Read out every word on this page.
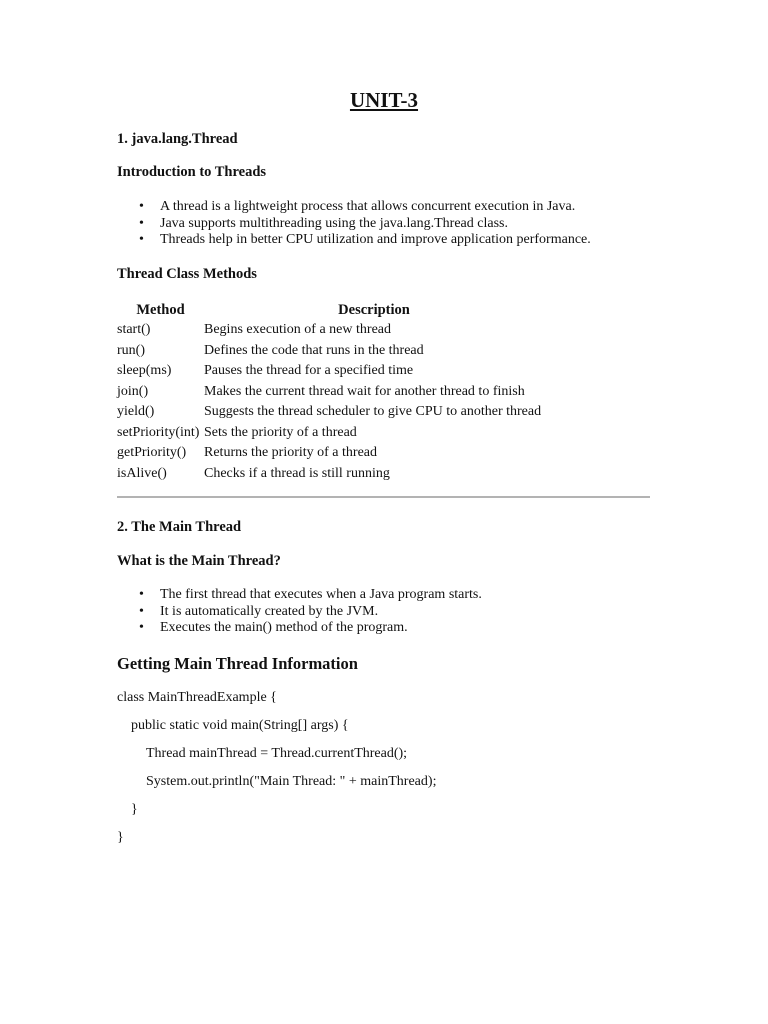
UNIT-3
1. java.lang.Thread
Introduction to Threads
• A thread is a lightweight process that allows concurrent execution in Java.
• Java supports multithreading using the java.lang.Thread class.
• Threads help in better CPU utilization and improve application performance.
Thread Class Methods
Method	Description
start()	Begins execution of a new thread
run()	Defines the code that runs in the thread
sleep(ms)	Pauses the thread for a specified time
join()	Makes the current thread wait for another thread to finish
yield()	Suggests the thread scheduler to give CPU to another thread
setPriority(int)	Sets the priority of a thread
getPriority()	Returns the priority of a thread
isAlive()	Checks if a thread is still running
2. The Main Thread
What is the Main Thread?
• The first thread that executes when a Java program starts.
• It is automatically created by the JVM.
• Executes the main() method of the program.
Getting Main Thread Information
class MainThreadExample {
public static void main(String[] args) {
Thread mainThread = Thread.currentThread();
System.out.println("Main Thread: " + mainThread);
}
}
